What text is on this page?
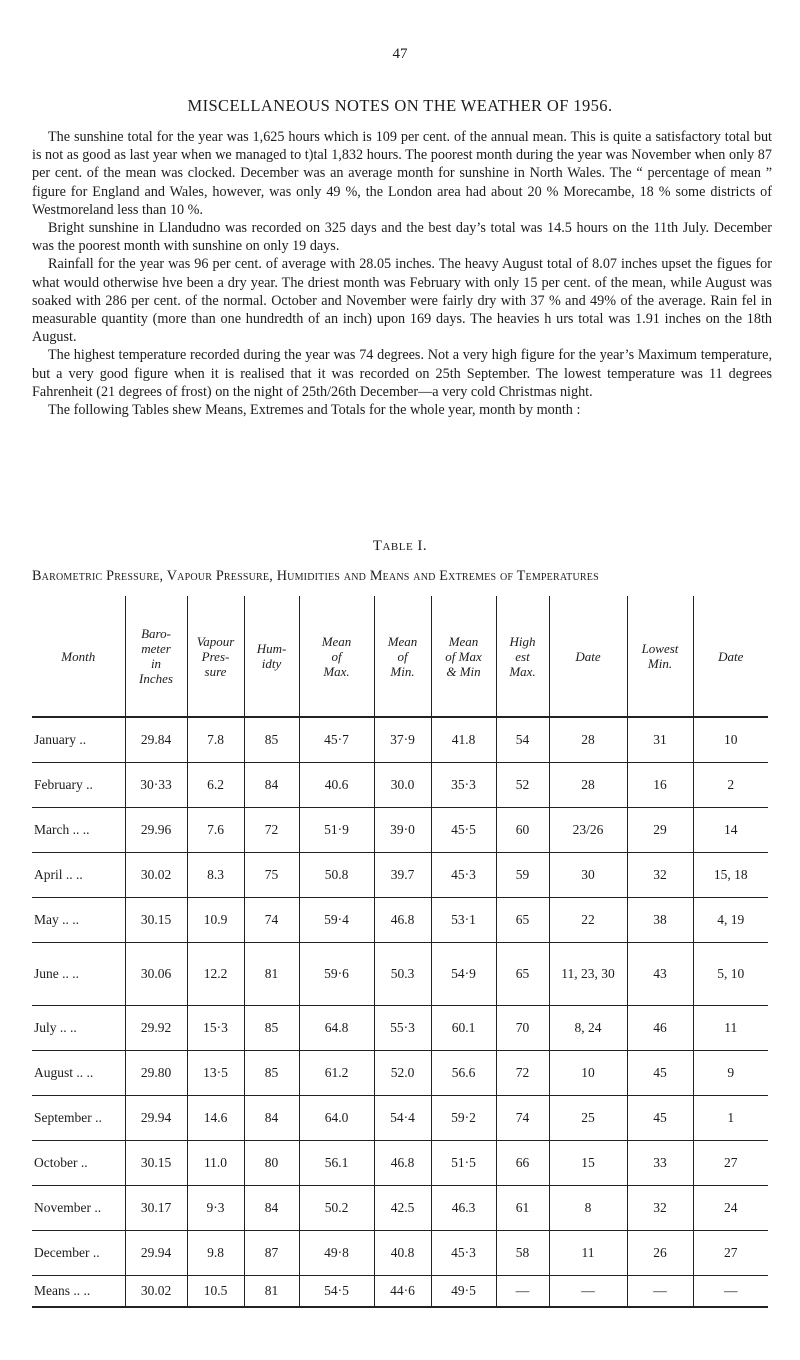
47
MISCELLANEOUS NOTES ON THE WEATHER OF 1956.

The sunshine total for the year was 1,625 hours which is 109 per cent. of the annual mean. This is quite a satisfactory total but is not as good as last year when we managed to t)tal 1,832 hours. The poorest month during the year was November when only 87 per cent. of the mean was clocked. December was an average month for sunshine in North Wales. The “ percentage of mean ” figure for England and Wales, however, was only 49 %, the London area had about 20 % Morecambe, 18 % some districts of Westmoreland less than 10 %.

Bright sunshine in Llandudno was recorded on 325 days and the best day’s total was 14.5 hours on the 11th July. December was the poorest month with sunshine on only 19 days.

Rainfall for the year was 96 per cent. of average with 28.05 inches. The heavy August total of 8.07 inches upset the figues for what would otherwise hve been a dry year. The driest month was February with only 15 per cent. of the mean, while August was soaked with 286 per cent. of the normal. October and November were fairly dry with 37 % and 49% of the average. Rain fel in measurable quantity (more than one hundredth of an inch) upon 169 days. The heavies h urs total was 1.91 inches on the 18th August.

The highest temperature recorded during the year was 74 degrees. Not a very high figure for the year’s Maximum temperature, but a very good figure when it is realised that it was recorded on 25th September. The lowest temperature was 11 degrees Fahrenheit (21 degrees of frost) on the night of 25th/26th December—a very cold Christmas night.

The following Tables shew Means, Extremes and Totals for the whole year, month by month :

Table I.
Barometric Pressure, Vapour Pressure, Humidities and Means and Extremes of Temperatures
Month	Baro-
meter
in
Inches	Vapour
Pres-
sure	Hum-
idty	Mean
of
Max.	Mean
of
Min.	Mean
of Max
& Min	High
est
Max.	Date	Lowest
Min.	Date
January ..	29.84	7.8	85	45·7	37·9	41.8	54	28	31	10
February ..	30·33	6.2	84	40.6	30.0	35·3	52	28	16	2
March .. ..	29.96	7.6	72	51·9	39·0	45·5	60	23/26	29	14
April .. ..	30.02	8.3	75	50.8	39.7	45·3	59	30	32	15, 18
May .. ..	30.15	10.9	74	59·4	46.8	53·1	65	22	38	4, 19
June .. ..	30.06	12.2	81	59·6	50.3	54·9	65	11, 23, 30	43	5, 10
July .. ..	29.92	15·3	85	64.8	55·3	60.1	70	8, 24	46	11
August .. ..	29.80	13·5	85	61.2	52.0	56.6	72	10	45	9
September ..	29.94	14.6	84	64.0	54·4	59·2	74	25	45	1
October ..	30.15	11.0	80	56.1	46.8	51·5	66	15	33	27
November ..	30.17	9·3	84	50.2	42.5	46.3	61	8	32	24
December ..	29.94	9.8	87	49·8	40.8	45·3	58	11	26	27
Means .. ..	30.02	10.5	81	54·5	44·6	49·5	—	—	—	—
